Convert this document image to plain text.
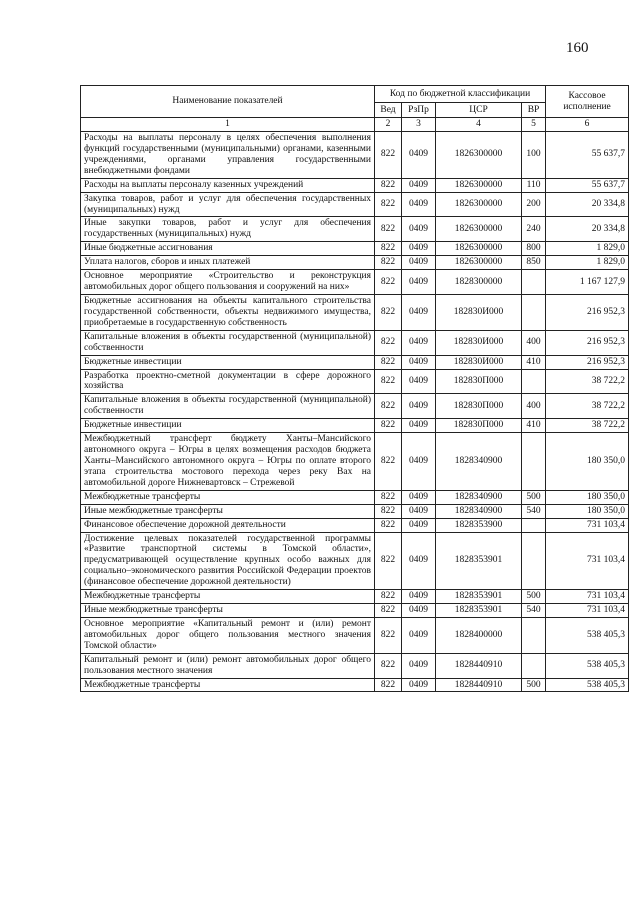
160
Наименование показателей	Код по бюджетной классификации				Кассовое исполнение
	Вед	РзПр	ЦСР	ВР	
1	2	3	4	5	6
Расходы на выплаты персоналу в целях обеспечения выполнения функций государственными (муниципальными) органами, казенными учреждениями, органами управления государственными внебюджетными фондами	822	0409	1826300000	100	55 637,7
Расходы на выплаты персоналу казенных учреждений	822	0409	1826300000	110	55 637,7
Закупка товаров, работ и услуг для обеспечения государственных (муниципальных) нужд	822	0409	1826300000	200	20 334,8
Иные закупки товаров, работ и услуг для обеспечения государственных (муниципальных) нужд	822	0409	1826300000	240	20 334,8
Иные бюджетные ассигнования	822	0409	1826300000	800	1 829,0
Уплата налогов, сборов и иных платежей	822	0409	1826300000	850	1 829,0
Основное мероприятие «Строительство и реконструкция автомобильных дорог общего пользования и сооружений на них»	822	0409	1828300000		1 167 127,9
Бюджетные ассигнования на объекты капитального строительства государственной собственности, объекты недвижимого имущества, приобретаемые в государственную собственность	822	0409	182830И000		216 952,3
Капитальные вложения в объекты государственной (муниципальной) собственности	822	0409	182830И000	400	216 952,3
Бюджетные инвестиции	822	0409	182830И000	410	216 952,3
Разработка проектно-сметной документации в сфере дорожного хозяйства	822	0409	182830П000		38 722,2
Капитальные вложения в объекты государственной (муниципальной) собственности	822	0409	182830П000	400	38 722,2
Бюджетные инвестиции	822	0409	182830П000	410	38 722,2
Межбюджетный трансферт бюджету Ханты–Мансийского автономного округа – Югры в целях возмещения расходов бюджета Ханты–Мансийского автономного округа – Югры по оплате второго этапа строительства мостового перехода через реку Вах на автомобильной дороге Нижневартовск – Стрежевой	822	0409	1828340900		180 350,0
Межбюджетные трансферты	822	0409	1828340900	500	180 350,0
Иные межбюджетные трансферты	822	0409	1828340900	540	180 350,0
Финансовое обеспечение дорожной деятельности	822	0409	1828353900		731 103,4
Достижение целевых показателей государственной программы «Развитие транспортной системы в Томской области», предусматривающей осуществление крупных особо важных для социально–экономического развития Российской Федерации проектов (финансовое обеспечение дорожной деятельности)	822	0409	1828353901		731 103,4
Межбюджетные трансферты	822	0409	1828353901	500	731 103,4
Иные межбюджетные трансферты	822	0409	1828353901	540	731 103,4
Основное мероприятие «Капитальный ремонт и (или) ремонт автомобильных дорог общего пользования местного значения Томской области»	822	0409	1828400000		538 405,3
Капитальный ремонт и (или) ремонт автомобильных дорог общего пользования местного значения	822	0409	1828440910		538 405,3
Межбюджетные трансферты	822	0409	1828440910	500	538 405,3
